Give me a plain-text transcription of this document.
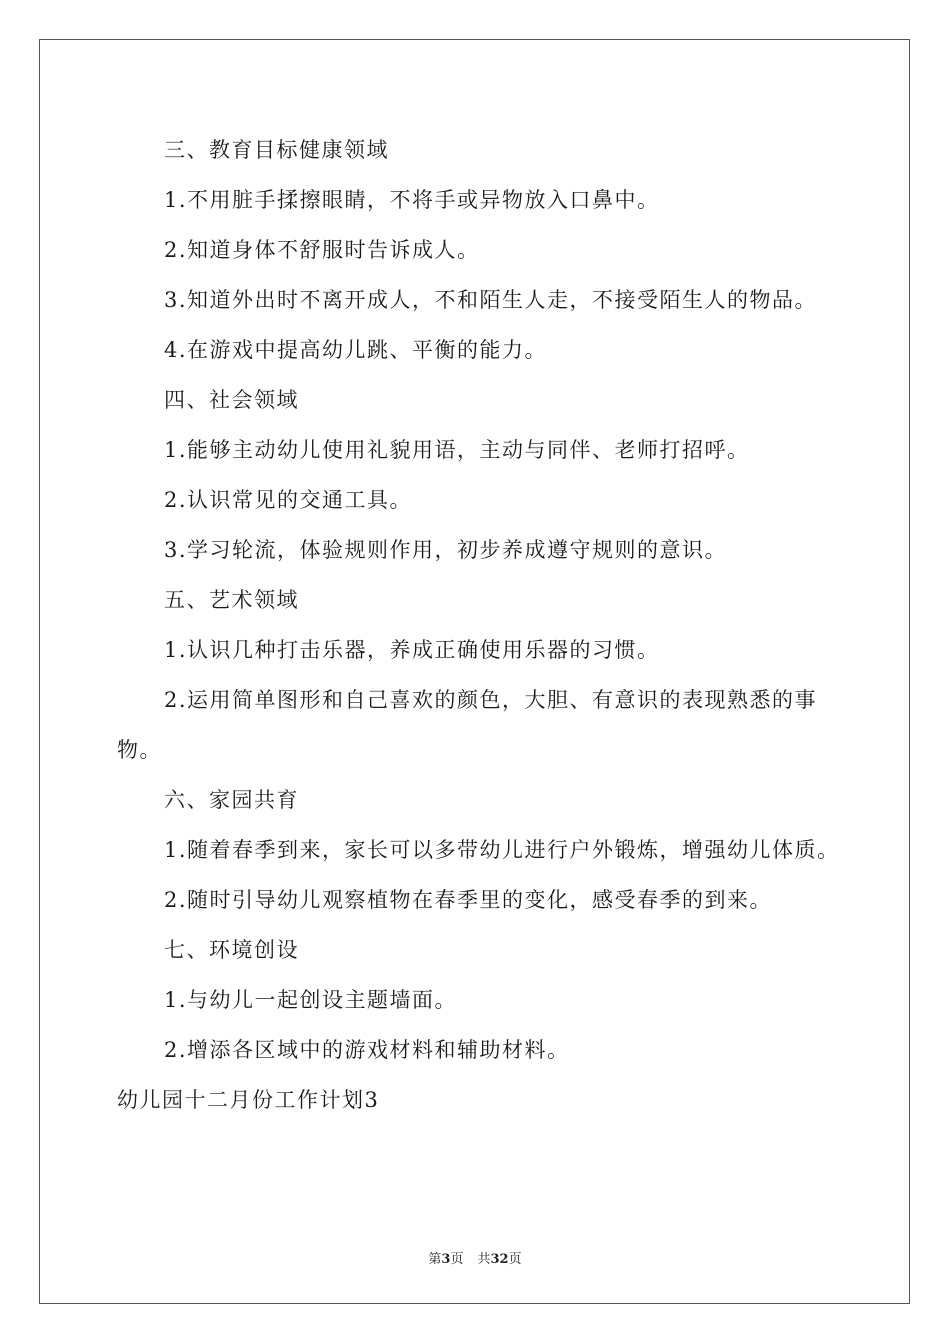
三、教育目标健康领域

1.不用脏手揉擦眼睛，不将手或异物放入口鼻中。

2.知道身体不舒服时告诉成人。

3.知道外出时不离开成人，不和陌生人走，不接受陌生人的物品。

4.在游戏中提高幼儿跳、平衡的能力。

四、社会领域

1.能够主动幼儿使用礼貌用语，主动与同伴、老师打招呼。

2.认识常见的交通工具。

3.学习轮流，体验规则作用，初步养成遵守规则的意识。

五、艺术领域

1.认识几种打击乐器，养成正确使用乐器的习惯。

2.运用简单图形和自己喜欢的颜色，大胆、有意识的表现熟悉的事物。

六、家园共育

1.随着春季到来，家长可以多带幼儿进行户外锻炼，增强幼儿体质。

2.随时引导幼儿观察植物在春季里的变化，感受春季的到来。

七、环境创设

1.与幼儿一起创设主题墙面。

2.增添各区域中的游戏材料和辅助材料。

幼儿园十二月份工作计划3

第3页 共32页
